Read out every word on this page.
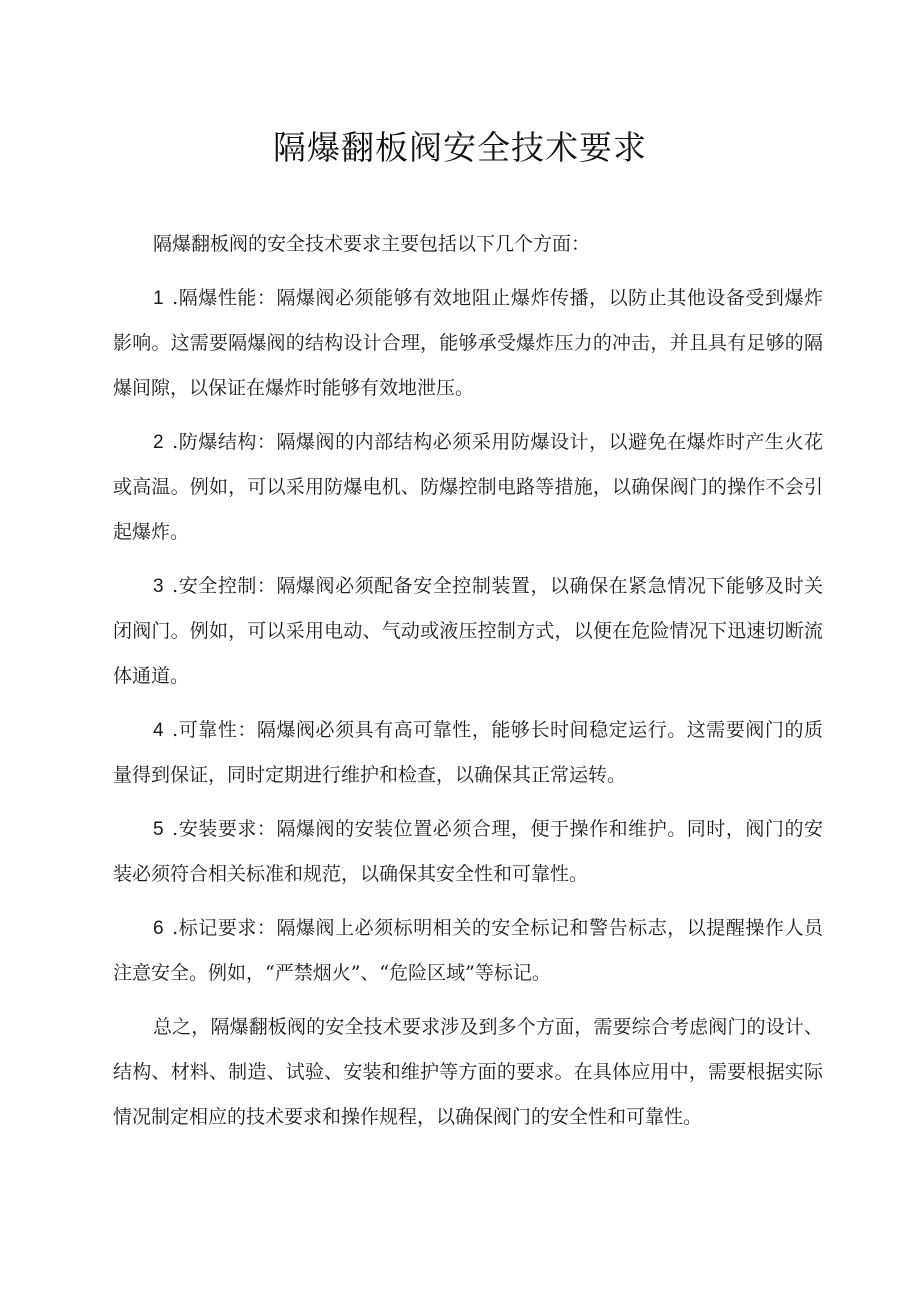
隔爆翻板阀安全技术要求

隔爆翻板阀的安全技术要求主要包括以下几个方面：

1 .隔爆性能：隔爆阀必须能够有效地阻止爆炸传播，以防止其他设备受到爆炸影响。这需要隔爆阀的结构设计合理，能够承受爆炸压力的冲击，并且具有足够的隔爆间隙，以保证在爆炸时能够有效地泄压。

2 .防爆结构：隔爆阀的内部结构必须采用防爆设计，以避免在爆炸时产生火花或高温。例如，可以采用防爆电机、防爆控制电路等措施，以确保阀门的操作不会引起爆炸。

3 .安全控制：隔爆阀必须配备安全控制装置，以确保在紧急情况下能够及时关闭阀门。例如，可以采用电动、气动或液压控制方式，以便在危险情况下迅速切断流体通道。

4 .可靠性：隔爆阀必须具有高可靠性，能够长时间稳定运行。这需要阀门的质量得到保证，同时定期进行维护和检查，以确保其正常运转。

5 .安装要求：隔爆阀的安装位置必须合理，便于操作和维护。同时，阀门的安装必须符合相关标准和规范，以确保其安全性和可靠性。

6 .标记要求：隔爆阀上必须标明相关的安全标记和警告标志，以提醒操作人员注意安全。例如，“严禁烟火”、“危险区域”等标记。

总之，隔爆翻板阀的安全技术要求涉及到多个方面，需要综合考虑阀门的设计、结构、材料、制造、试验、安装和维护等方面的要求。在具体应用中，需要根据实际情况制定相应的技术要求和操作规程，以确保阀门的安全性和可靠性。
